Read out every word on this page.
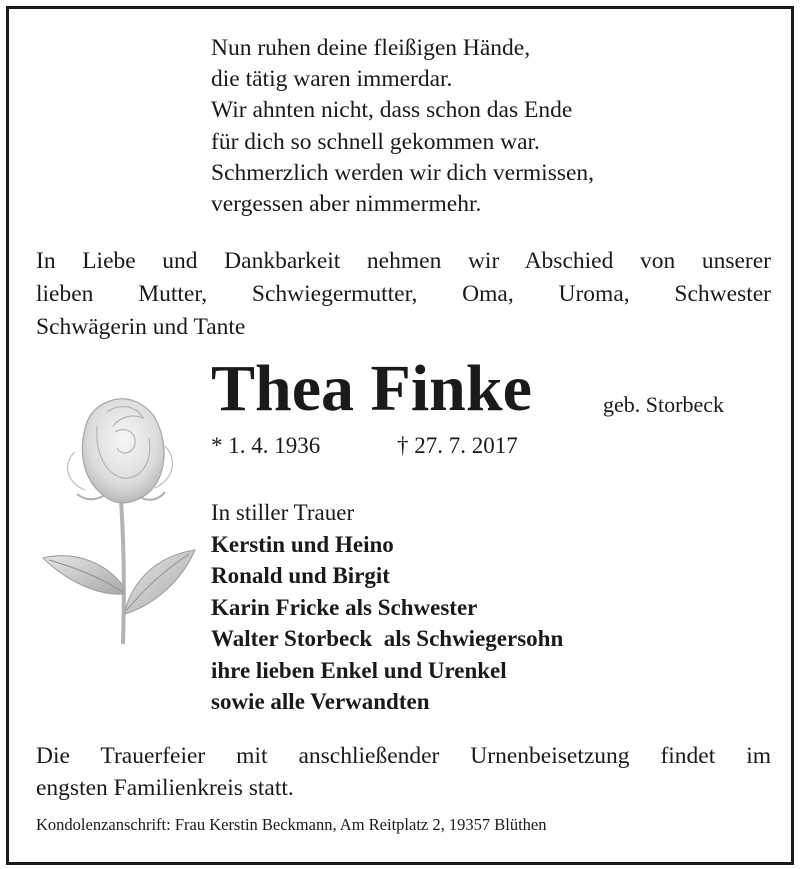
Nun ruhen deine fleißigen Hände,
die tätig waren immerdar.
Wir ahnten nicht, dass schon das Ende
für dich so schnell gekommen war.
Schmerzlich werden wir dich vermissen,
vergessen aber nimmermehr.
In Liebe und Dankbarkeit nehmen wir Abschied von unserer
lieben Mutter, Schwiegermutter, Oma, Uroma, Schwester
Schwägerin und Tante
Thea Finke	geb. Storbeck
* 1. 4. 1936	† 27. 7. 2017
In stiller Trauer
Kerstin und Heino
Ronald und Birgit
Karin Fricke als Schwester
Walter Storbeck  als Schwiegersohn
ihre lieben Enkel und Urenkel
sowie alle Verwandten
Die Trauerfeier mit anschließender Urnenbeisetzung findet im
engsten Familienkreis statt.
Kondolenzanschrift: Frau Kerstin Beckmann, Am Reitplatz 2, 19357 Blüthen
